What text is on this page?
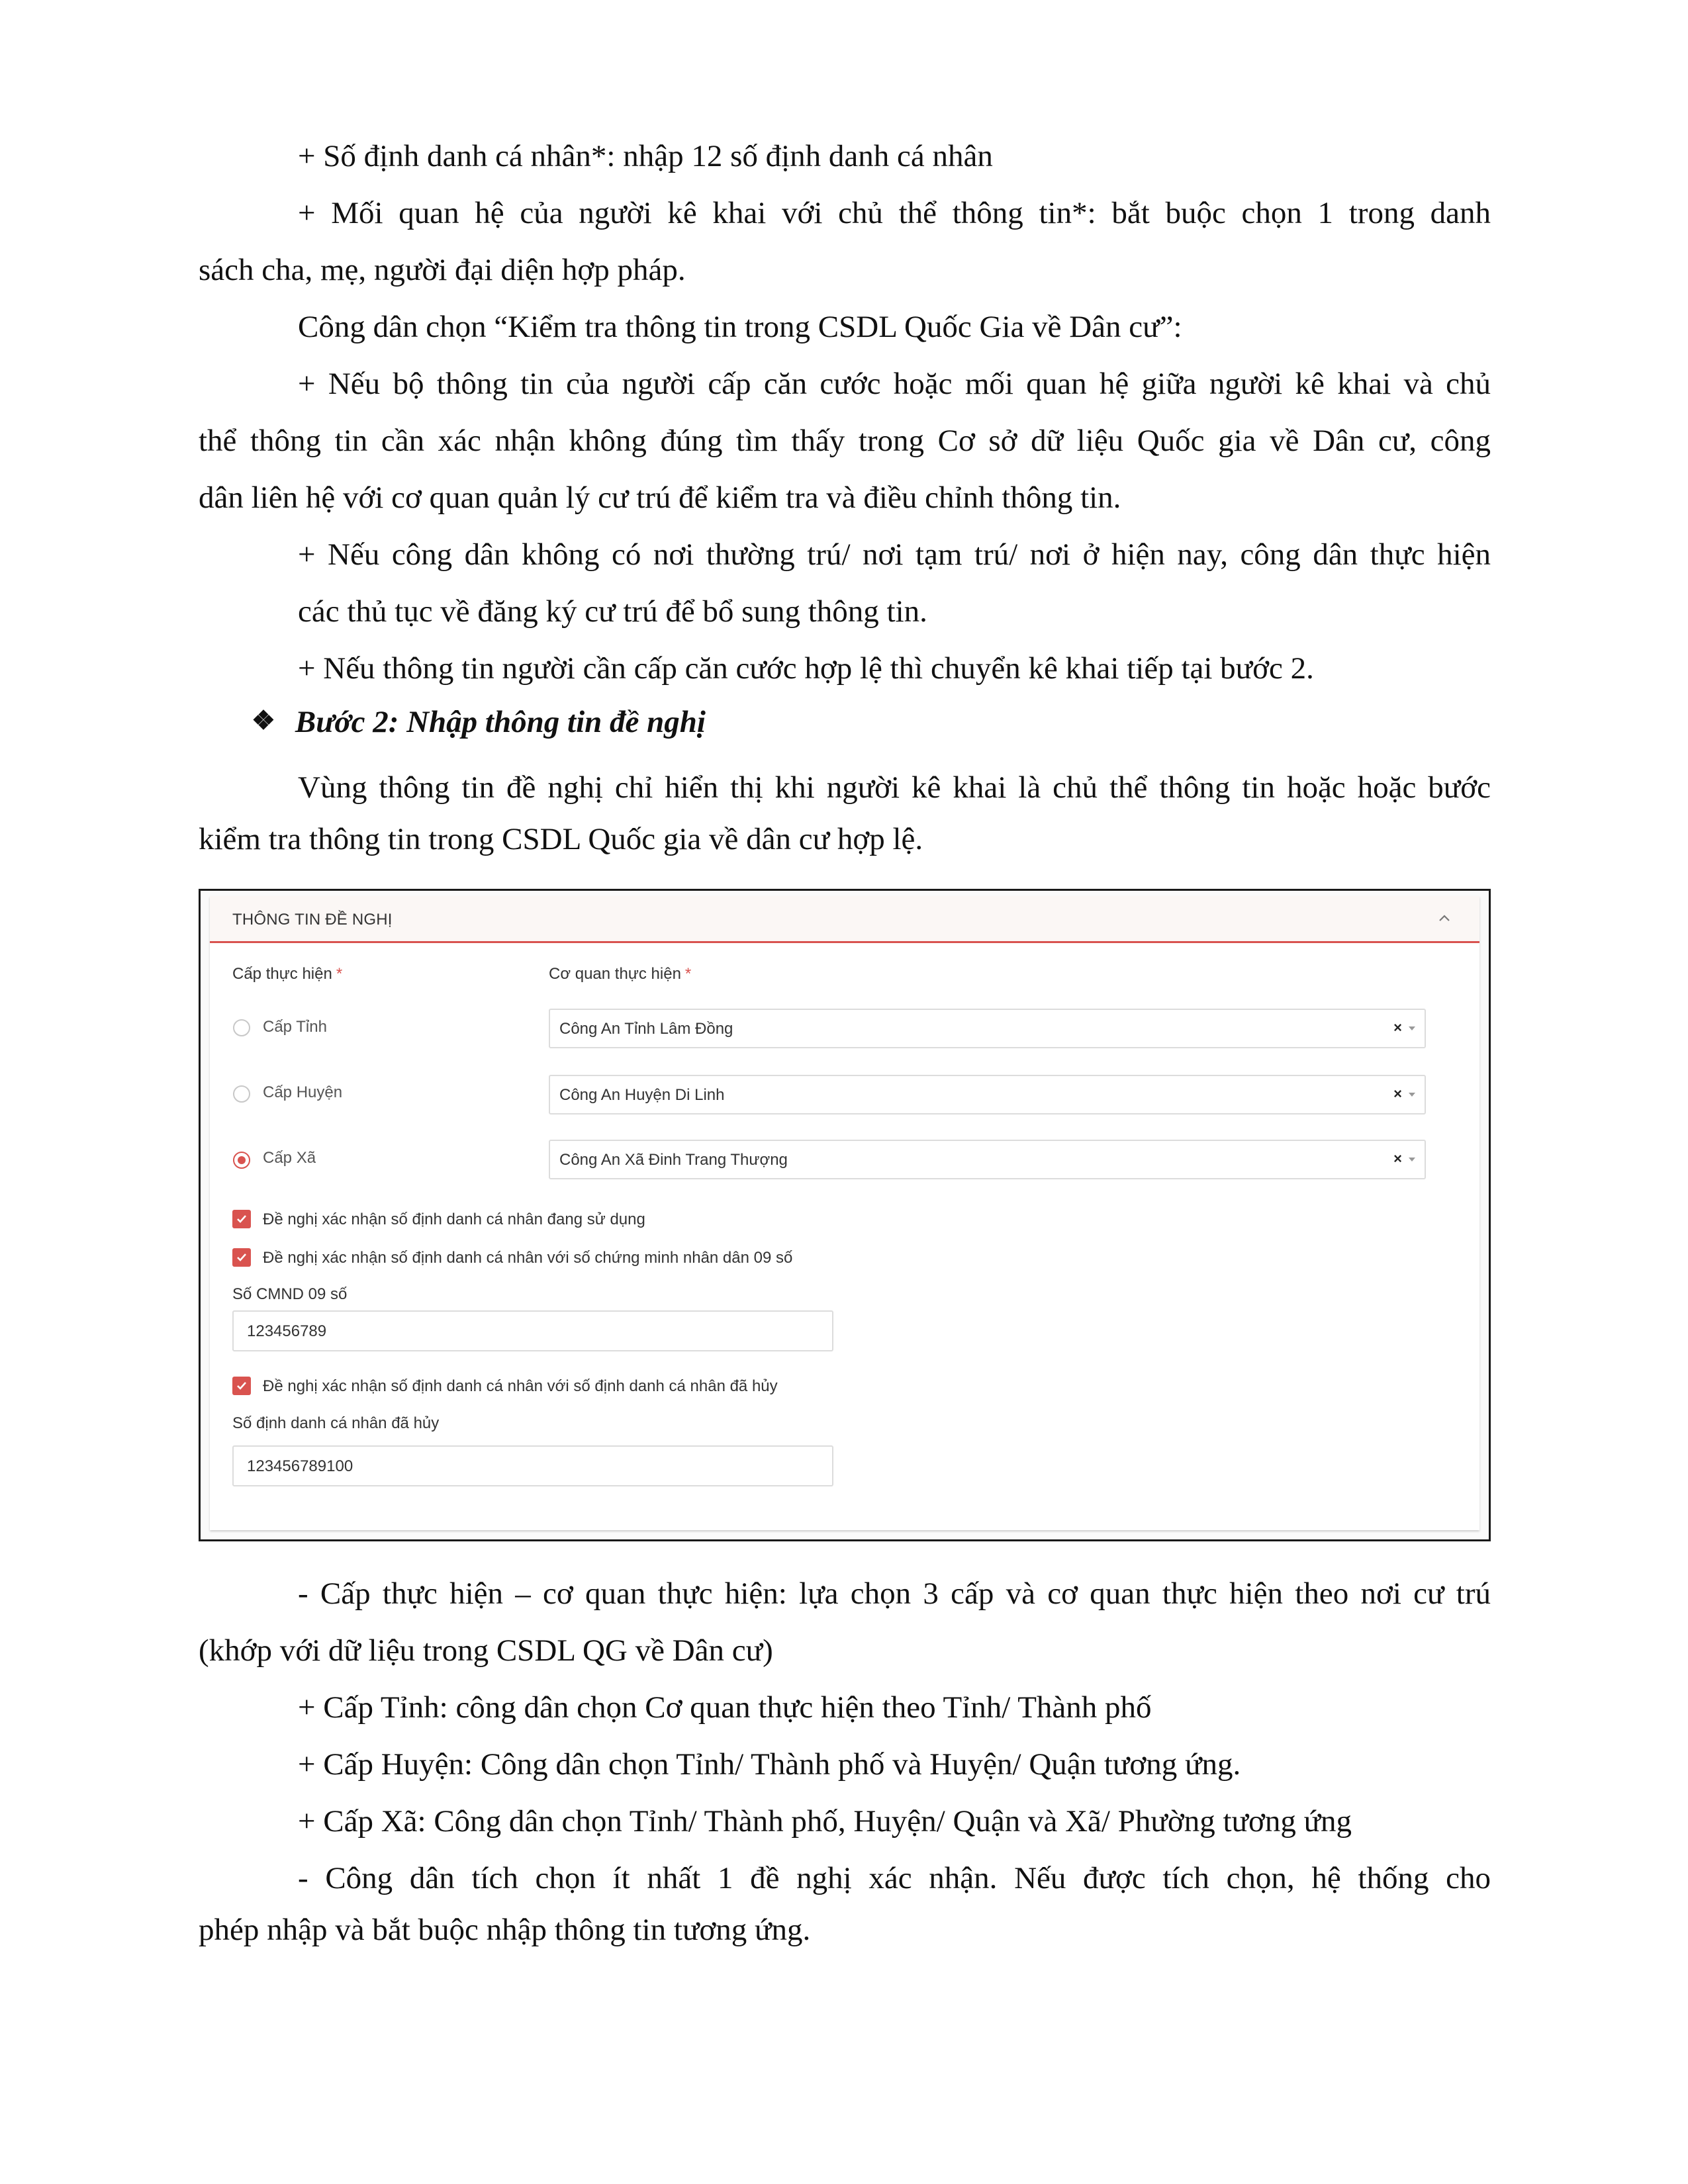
+ Số định danh cá nhân*: nhập 12 số định danh cá nhân
+ Mối quan hệ của người kê khai với chủ thể thông tin*: bắt buộc chọn 1 trong danh
sách cha, mẹ, người đại diện hợp pháp.
Công dân chọn “Kiểm tra thông tin trong CSDL Quốc Gia về Dân cư”:
+ Nếu bộ thông tin của người cấp căn cước hoặc mối quan hệ giữa người kê khai và chủ
thể thông tin cần xác nhận không đúng tìm thấy trong Cơ sở dữ liệu Quốc gia về Dân cư, công
dân liên hệ với cơ quan quản lý cư trú để kiểm tra và điều chỉnh thông tin.
+ Nếu công dân không có nơi thường trú/ nơi tạm trú/ nơi ở hiện nay, công dân thực hiện
các thủ tục về đăng ký cư trú để bổ sung thông tin.
+ Nếu thông tin người cần cấp căn cước hợp lệ thì chuyển kê khai tiếp tại bước 2.
❖ Bước 2: Nhập thông tin đề nghị
Vùng thông tin đề nghị chỉ hiển thị khi người kê khai là chủ thể thông tin hoặc hoặc bước
kiểm tra thông tin trong CSDL Quốc gia về dân cư hợp lệ.
- Cấp thực hiện – cơ quan thực hiện: lựa chọn 3 cấp và cơ quan thực hiện theo nơi cư trú
(khớp với dữ liệu trong CSDL QG về Dân cư)
+ Cấp Tỉnh: công dân chọn Cơ quan thực hiện theo Tỉnh/ Thành phố
+ Cấp Huyện: Công dân chọn Tỉnh/ Thành phố và Huyện/ Quận tương ứng.
+ Cấp Xã: Công dân chọn Tỉnh/ Thành phố, Huyện/ Quận và Xã/ Phường tương ứng
- Công dân tích chọn ít nhất 1 đề nghị xác nhận. Nếu được tích chọn, hệ thống cho
phép nhập và bắt buộc nhập thông tin tương ứng.
THÔNG TIN ĐỀ NGHỊ
Cấp thực hiện *	Cơ quan thực hiện *
Cấp Tỉnh	Công An Tỉnh Lâm Đồng	×
Cấp Huyện	Công An Huyện Di Linh	×
Cấp Xã	Công An Xã Đinh Trang Thượng	×
Đề nghị xác nhận số định danh cá nhân đang sử dụng
Đề nghị xác nhận số định danh cá nhân với số chứng minh nhân dân 09 số
Số CMND 09 số
123456789
Đề nghị xác nhận số định danh cá nhân với số định danh cá nhân đã hủy
Số định danh cá nhân đã hủy
123456789100
